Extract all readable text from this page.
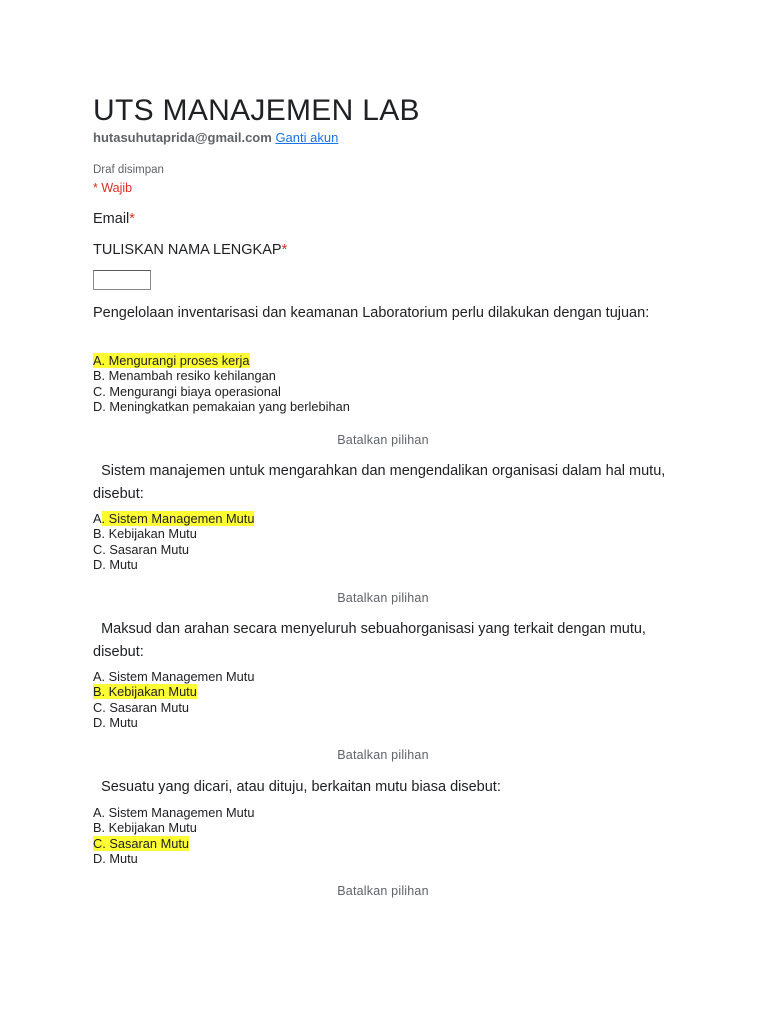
UTS MANAJEMEN LAB
hutasuhutaprida@gmail.com Ganti akun
Draf disimpan
* Wajib
Email*
TULISKAN NAMA LENGKAP*
Pengelolaan inventarisasi dan keamanan Laboratorium perlu dilakukan dengan tujuan:
A. Mengurangi proses kerja
B. Menambah resiko kehilangan
C. Mengurangi biaya operasional
D. Meningkatkan pemakaian yang berlebihan
Batalkan pilihan
Sistem manajemen untuk mengarahkan dan mengendalikan organisasi dalam hal mutu, disebut:
A. Sistem Managemen Mutu
B. Kebijakan Mutu
C. Sasaran Mutu
D. Mutu
Batalkan pilihan
Maksud dan arahan secara menyeluruh sebuahorganisasi yang terkait dengan mutu, disebut:
A. Sistem Managemen Mutu
B. Kebijakan Mutu
C. Sasaran Mutu
D. Mutu
Batalkan pilihan
Sesuatu yang dicari, atau dituju, berkaitan mutu biasa disebut:
A. Sistem Managemen Mutu
B. Kebijakan Mutu
C. Sasaran Mutu
D. Mutu
Batalkan pilihan
